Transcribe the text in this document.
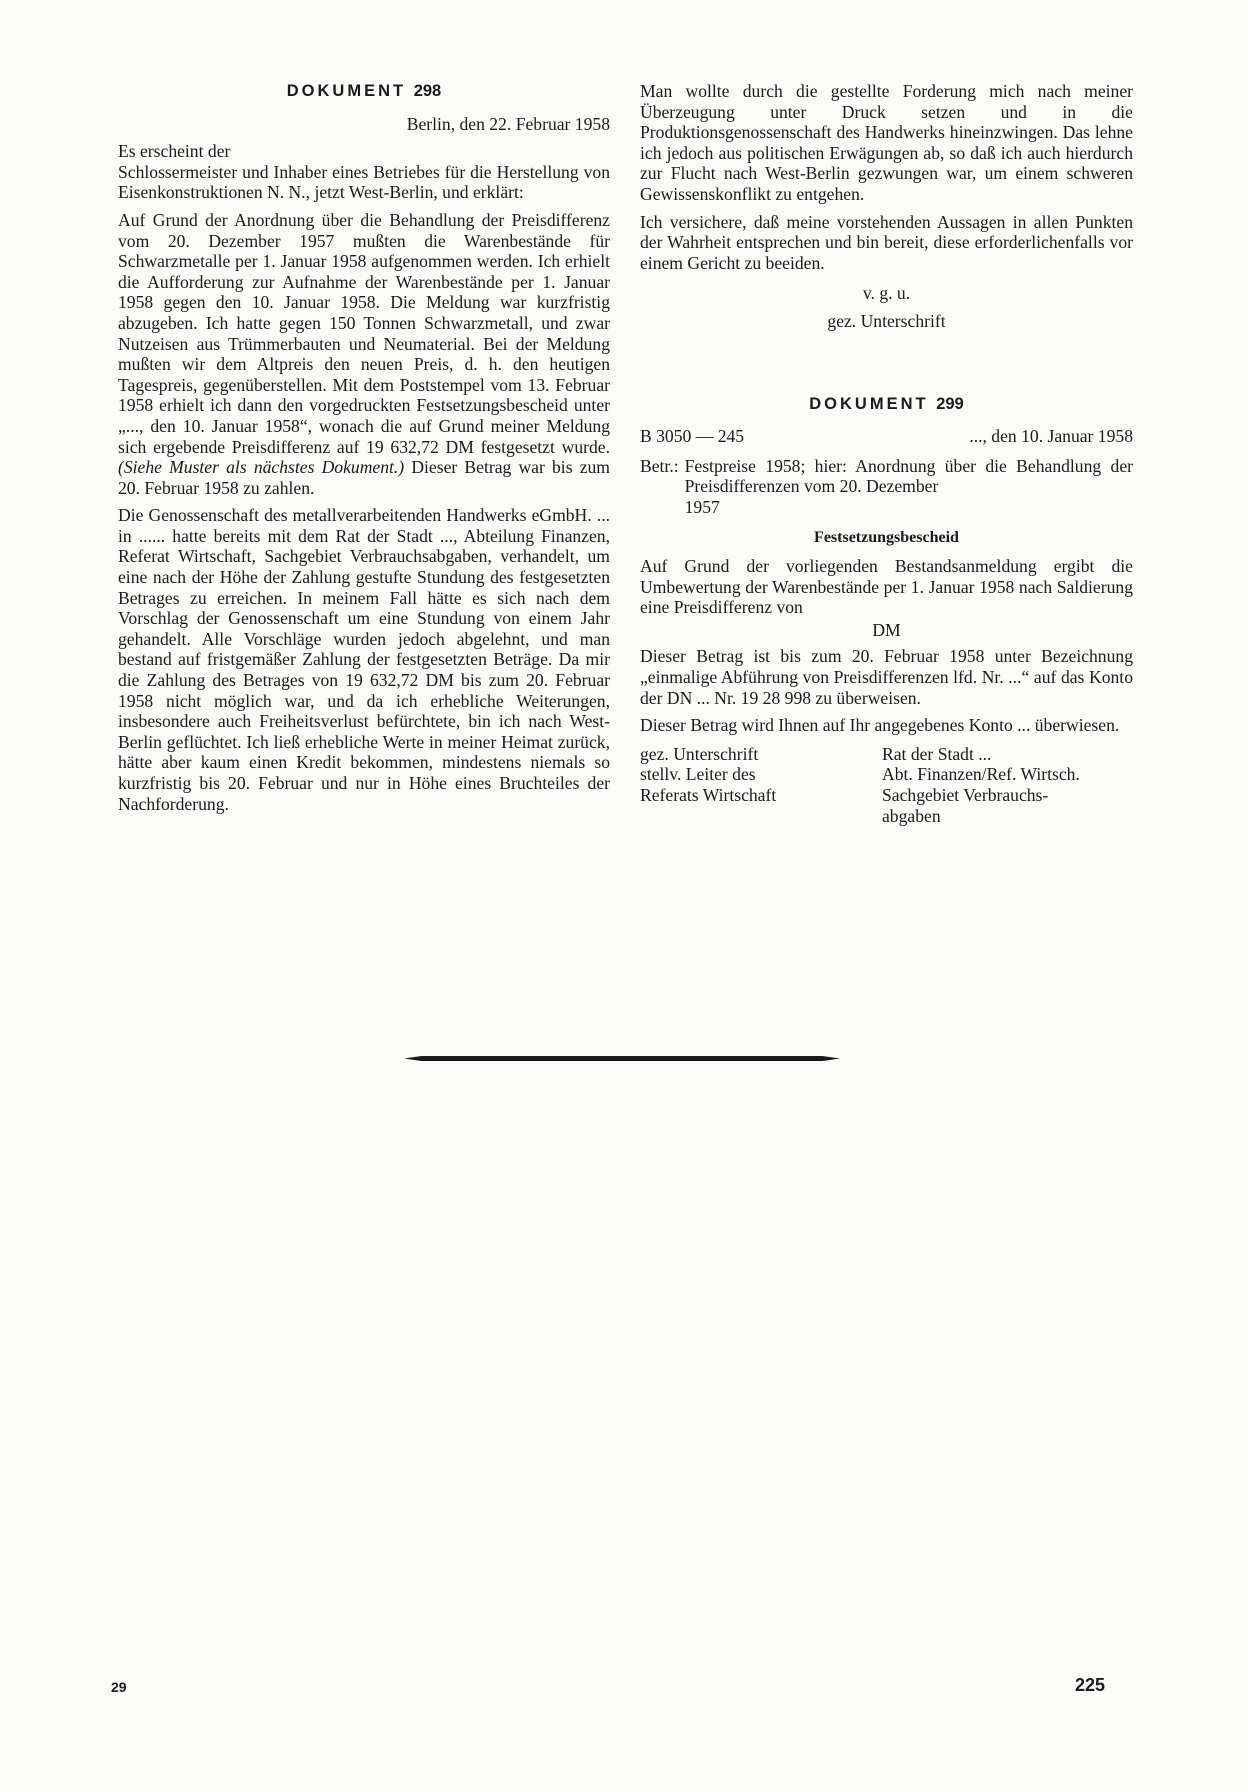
DOKUMENT 298

Berlin, den 22. Februar 1958

Es erscheint der

Schlossermeister und Inhaber eines Betriebes für die Herstellung von Eisenkonstruktionen N. N., jetzt West-Berlin, und erklärt:

Auf Grund der Anordnung über die Behandlung der Preisdifferenz vom 20. Dezember 1957 mußten die Warenbestände für Schwarzmetalle per 1. Januar 1958 aufgenommen werden. Ich erhielt die Aufforderung zur Aufnahme der Warenbestände per 1. Januar 1958 gegen den 10. Januar 1958. Die Meldung war kurzfristig abzugeben. Ich hatte gegen 150 Tonnen Schwarzmetall, und zwar Nutzeisen aus Trümmerbauten und Neumaterial. Bei der Meldung mußten wir dem Altpreis den neuen Preis, d. h. den heutigen Tagespreis, gegenüberstellen. Mit dem Poststempel vom 13. Februar 1958 erhielt ich dann den vorgedruckten Festsetzungsbescheid unter „..., den 10. Januar 1958“, wonach die auf Grund meiner Meldung sich ergebende Preisdifferenz auf 19 632,72 DM festgesetzt wurde. (Siehe Muster als nächstes Dokument.) Dieser Betrag war bis zum 20. Februar 1958 zu zahlen.

Die Genossenschaft des metallverarbeitenden Handwerks eGmbH. ... in ...... hatte bereits mit dem Rat der Stadt ..., Abteilung Finanzen, Referat Wirtschaft, Sachgebiet Verbrauchsabgaben, verhandelt, um eine nach der Höhe der Zahlung gestufte Stundung des festgesetzten Betrages zu erreichen. In meinem Fall hätte es sich nach dem Vorschlag der Genossenschaft um eine Stundung von einem Jahr gehandelt. Alle Vorschläge wurden jedoch abgelehnt, und man bestand auf fristgemäßer Zahlung der festgesetzten Beträge. Da mir die Zahlung des Betrages von 19 632,72 DM bis zum 20. Februar 1958 nicht möglich war, und da ich erhebliche Weiterungen, insbesondere auch Freiheitsverlust befürchtete, bin ich nach West-Berlin geflüchtet. Ich ließ erhebliche Werte in meiner Heimat zurück, hätte aber kaum einen Kredit bekommen, mindestens niemals so kurzfristig bis 20. Februar und nur in Höhe eines Bruchteiles der Nachforderung.

Man wollte durch die gestellte Forderung mich nach meiner Überzeugung unter Druck setzen und in die Produktionsgenossenschaft des Handwerks hineinzwingen. Das lehne ich jedoch aus politischen Erwägungen ab, so daß ich auch hierdurch zur Flucht nach West-Berlin gezwungen war, um einem schweren Gewissenskonflikt zu entgehen.

Ich versichere, daß meine vorstehenden Aussagen in allen Punkten der Wahrheit entsprechen und bin bereit, diese erforderlichenfalls vor einem Gericht zu beeiden.

v. g. u.

gez. Unterschrift

DOKUMENT 299
B 3050 — 245	..., den 10. Januar 1958
Betr.: Festpreise 1958; hier: Anordnung über die Behandlung der Preisdifferenzen vom 20. Dezember
1957
Festsetzungsbescheid

Auf Grund der vorliegenden Bestandsanmeldung ergibt die Umbewertung der Warenbestände per 1. Januar 1958 nach Saldierung eine Preisdifferenz von

DM

Dieser Betrag ist bis zum 20. Februar 1958 unter Bezeichnung „einmalige Abführung von Preisdifferenzen lfd. Nr. ...“ auf das Konto der DN ... Nr. 19 28 998 zu überweisen.

Dieser Betrag wird Ihnen auf Ihr angegebenes Konto ... überwiesen.

gez. Unterschrift
stellv. Leiter des
Referats Wirtschaft
Rat der Stadt ...
Abt. Finanzen/Ref. Wirtsch.
Sachgebiet Verbrauchs-
abgaben
29	225
